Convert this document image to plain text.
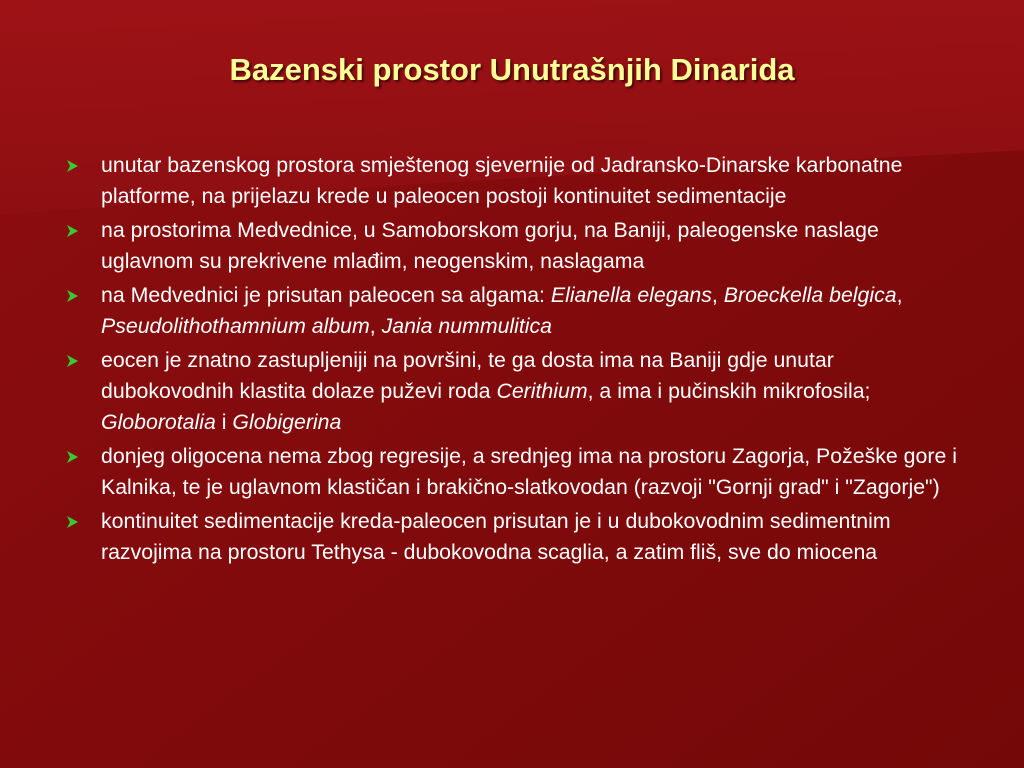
Bazenski prostor Unutrašnjih Dinarida
unutar bazenskog prostora smještenog sjevernije od Jadransko-Dinarske karbonatne platforme, na prijelazu krede u paleocen postoji kontinuitet sedimentacije
na prostorima Medvednice, u Samoborskom gorju, na Baniji, paleogenske naslage uglavnom su prekrivene mlađim, neogenskim, naslagama
na Medvednici je prisutan paleocen sa algama: Elianella elegans, Broeckella belgica, Pseudolithothamnium album, Jania nummulitica
eocen je znatno zastupljeniji na površini, te ga dosta ima na Baniji gdje unutar dubokovodnih klastita dolaze puževi roda Cerithium, a ima i pučinskih mikrofosila; Globorotalia i Globigerina
donjeg oligocena nema zbog regresije, a srednjeg ima na prostoru Zagorja, Požeške gore i Kalnika, te je uglavnom klastičan i brakično-slatkovodan (razvoji "Gornji grad" i "Zagorje")
kontinuitet sedimentacije kreda-paleocen prisutan je i u dubokovodnim sedimentnim razvojima na prostoru Tethysa - dubokovodna scaglia, a zatim fliš, sve do miocena
